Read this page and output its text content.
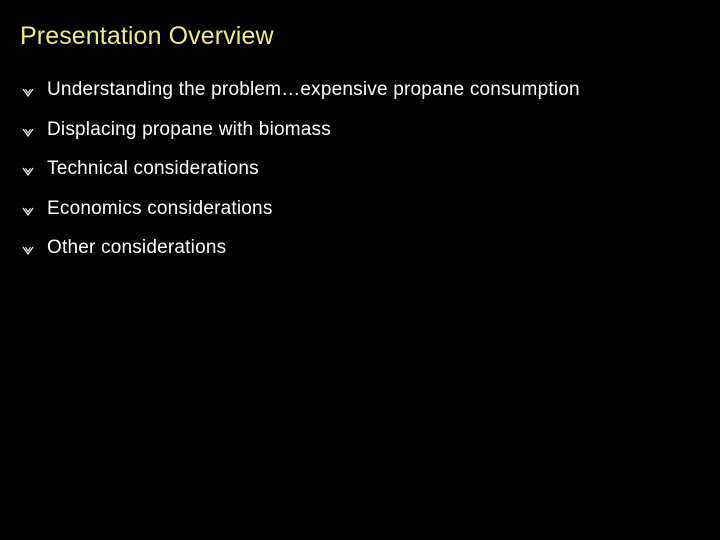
Presentation Overview
Understanding the problem…expensive propane consumption
Displacing propane with biomass
Technical considerations
Economics considerations
Other considerations
